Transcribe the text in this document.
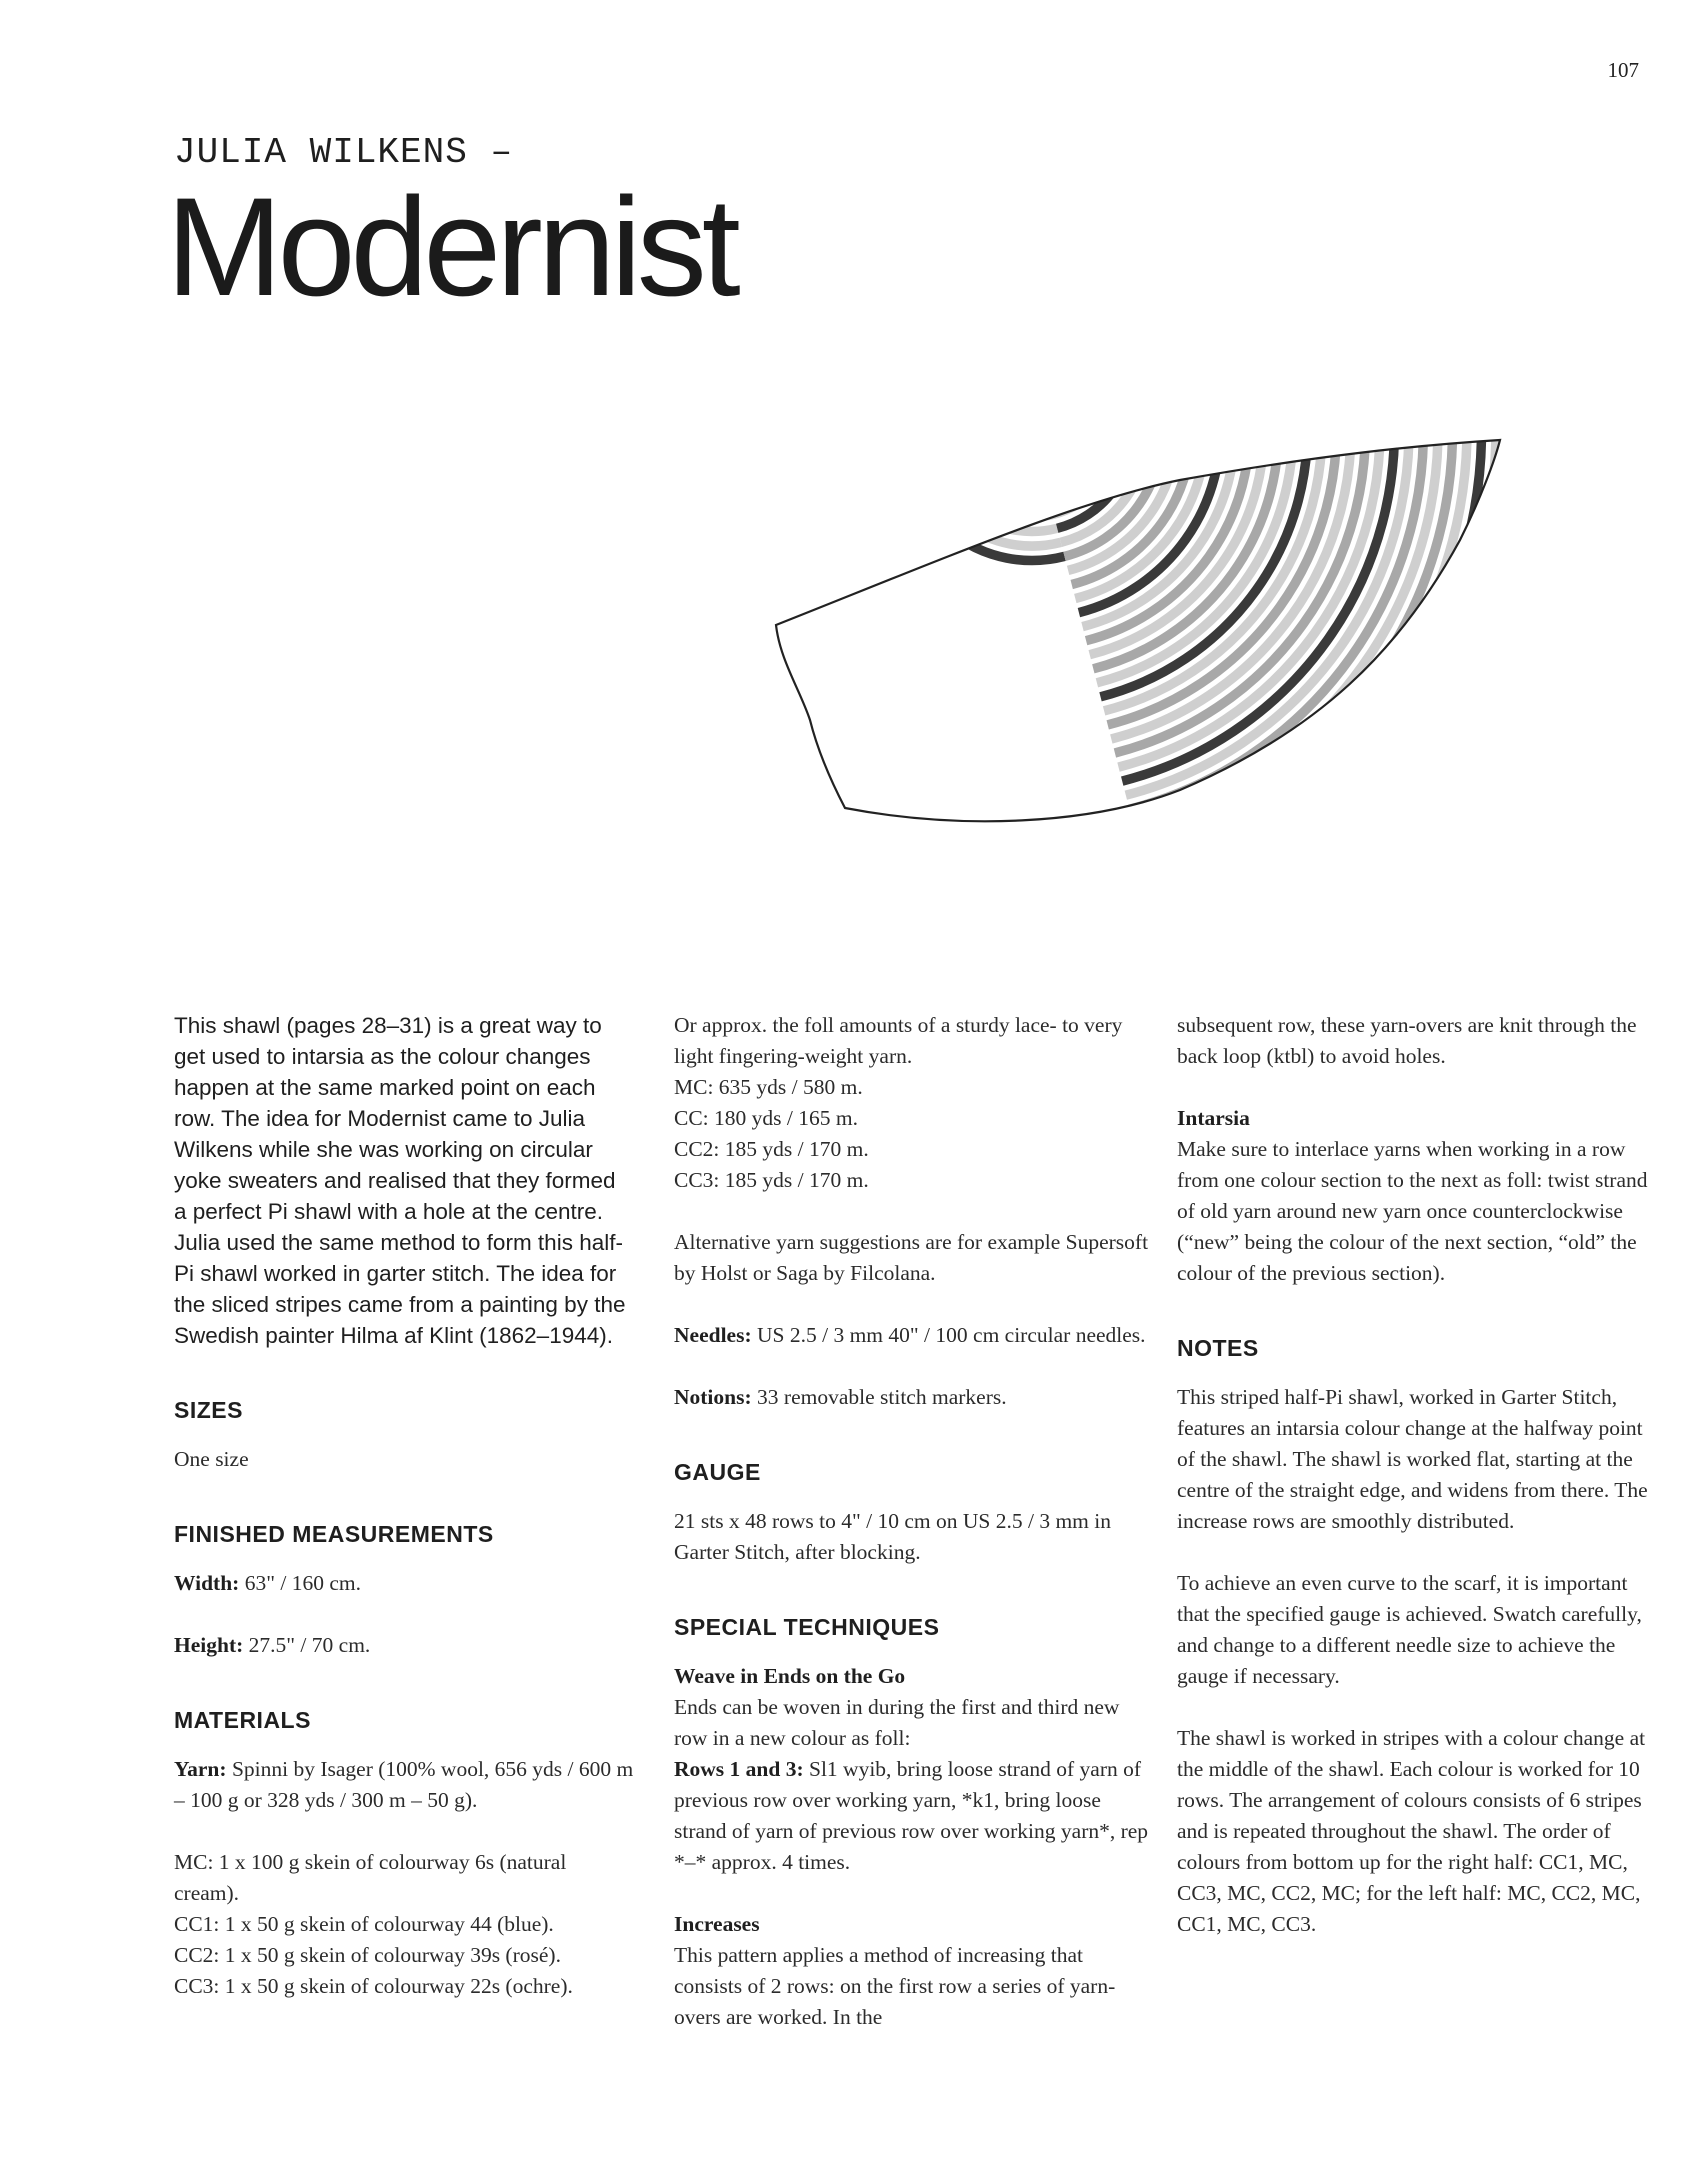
107
JULIA WILKENS –
Modernist

This shawl (pages 28–31) is a great way to get used to intarsia as the colour changes happen at the same marked point on each row. The idea for Modernist came to Julia Wilkens while she was working on circular yoke sweaters and realised that they formed a perfect Pi shawl with a hole at the centre. Julia used the same method to form this half-Pi shawl worked in garter stitch. The idea for the sliced stripes came from a painting by the Swedish painter Hilma af Klint (1862–1944).

SIZES

One size

FINISHED MEASUREMENTS

Width: 63" / 160 cm.

Height: 27.5" / 70 cm.

MATERIALS

Yarn: Spinni by Isager (100% wool, 656 yds / 600 m – 100 g or 328 yds / 300 m – 50 g).

MC: 1 x 100 g skein of colourway 6s (natural cream).
CC1: 1 x 50 g skein of colourway 44 (blue).
CC2: 1 x 50 g skein of colourway 39s (rosé).
CC3: 1 x 50 g skein of colourway 22s (ochre).

Or approx. the foll amounts of a sturdy lace- to very light fingering-weight yarn.

MC: 635 yds / 580 m.
CC: 180 yds / 165 m.
CC2: 185 yds / 170 m.
CC3: 185 yds / 170 m.

Alternative yarn suggestions are for example Supersoft by Holst or Saga by Filcolana.

Needles: US 2.5 / 3 mm 40" / 100 cm circular needles.

Notions: 33 removable stitch markers.

GAUGE

21 sts x 48 rows to 4" / 10 cm on US 2.5 / 3 mm in Garter Stitch, after blocking.

SPECIAL TECHNIQUES

Weave in Ends on the Go

Ends can be woven in during the first and third new row in a new colour as foll:

Rows 1 and 3: Sl1 wyib, bring loose strand of yarn of previous row over working yarn, *k1, bring loose strand of yarn of previous row over working yarn*, rep *–* approx. 4 times.

Increases

This pattern applies a method of increasing that consists of 2 rows: on the first row a series of yarn-overs are worked. In the

subsequent row, these yarn-overs are knit through the back loop (ktbl) to avoid holes.

Intarsia

Make sure to interlace yarns when working in a row from one colour section to the next as foll: twist strand of old yarn around new yarn once counterclockwise (“new” being the colour of the next section, “old” the colour of the previous section).

NOTES

This striped half-Pi shawl, worked in Garter Stitch, features an intarsia colour change at the halfway point of the shawl. The shawl is worked flat, starting at the centre of the straight edge, and widens from there. The increase rows are smoothly distributed.

To achieve an even curve to the scarf, it is important that the specified gauge is achieved. Swatch carefully, and change to a different needle size to achieve the gauge if necessary.

The shawl is worked in stripes with a colour change at the middle of the shawl. Each colour is worked for 10 rows. The arrangement of colours consists of 6 stripes and is repeated throughout the shawl. The order of colours from bottom up for the right half: CC1, MC, CC3, MC, CC2, MC; for the left half: MC, CC2, MC, CC1, MC, CC3.
